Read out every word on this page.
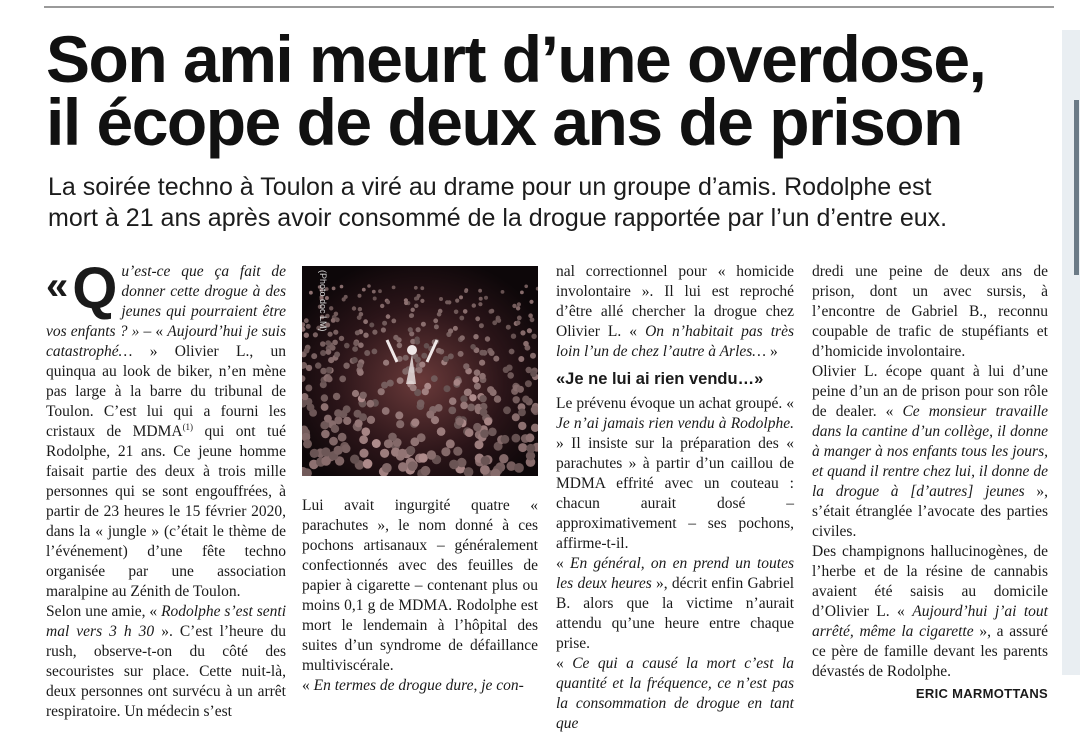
Son ami meurt d’une overdose,
il écope de deux ans de prison
La soirée techno à Toulon a viré au drame pour un groupe d’amis. Rodolphe est
mort à 21 ans après avoir consommé de la drogue rapportée par l’un d’entre eux.

« Q u’est-ce que ça fait de donner cette drogue à des jeunes qui pourraient être vos enfants ? » – « Aujourd’hui je suis catastrophé… » Olivier L., un quinqua au look de biker, n’en mène pas large à la barre du tribunal de Toulon. C’est lui qui a fourni les cristaux de MDMA$^{(1)}$ qui ont tué Rodolphe, 21 ans. Ce jeune homme faisait partie des deux à trois mille personnes qui se sont engouffrées, à partir de 23 heures le 15 février 2020, dans la « jungle » (c’était le thème de l’événement) d’une fête techno organisée par une association maralpine au Zénith de Toulon.

Selon une amie, « Rodolphe s’est senti mal vers 3 h 30 ». C’est l’heure du rush, observe-t-on du côté des secouristes sur place. Cette nuit-là, deux personnes ont survécu à un arrêt respiratoire. Un médecin s’est

(Photo doc LM)

Lui avait ingurgité quatre « parachutes », le nom donné à ces pochons artisanaux – généralement confectionnés avec des feuilles de papier à cigarette – contenant plus ou moins 0,1 g de MDMA. Rodolphe est mort le lendemain à l’hôpital des suites d’un syndrome de défaillance multiviscérale.

« En termes de drogue dure, je con-

nal correctionnel pour « homicide involontaire ». Il lui est reproché d’être allé chercher la drogue chez Olivier L. « On n’habitait pas très loin l’un de chez l’autre à Arles… »

«Je ne lui ai rien vendu…»

Le prévenu évoque un achat groupé. « Je n’ai jamais rien vendu à Rodolphe. » Il insiste sur la préparation des « parachutes » à partir d’un caillou de MDMA effrité avec un couteau : chacun aurait dosé – approximativement – ses pochons, affirme-t-il.

« En général, on en prend un toutes les deux heures », décrit enfin Gabriel B. alors que la victime n’aurait attendu qu’une heure entre chaque prise.

« Ce qui a causé la mort c’est la quantité et la fréquence, ce n’est pas la consommation de drogue en tant que

dredi une peine de deux ans de prison, dont un avec sursis, à l’encontre de Gabriel B., reconnu coupable de trafic de stupéfiants et d’homicide involontaire.

Olivier L. écope quant à lui d’une peine d’un an de prison pour son rôle de dealer. « Ce monsieur travaille dans la cantine d’un collège, il donne à manger à nos enfants tous les jours, et quand il rentre chez lui, il donne de la drogue à [d’autres] jeunes », s’était étranglée l’avocate des parties civiles.

Des champignons hallucinogènes, de l’herbe et de la résine de cannabis avaient été saisis au domicile d’Olivier L. « Aujourd’hui j’ai tout arrêté, même la cigarette », a assuré ce père de famille devant les parents dévastés de Rodolphe.

ERIC MARMOTTANS
